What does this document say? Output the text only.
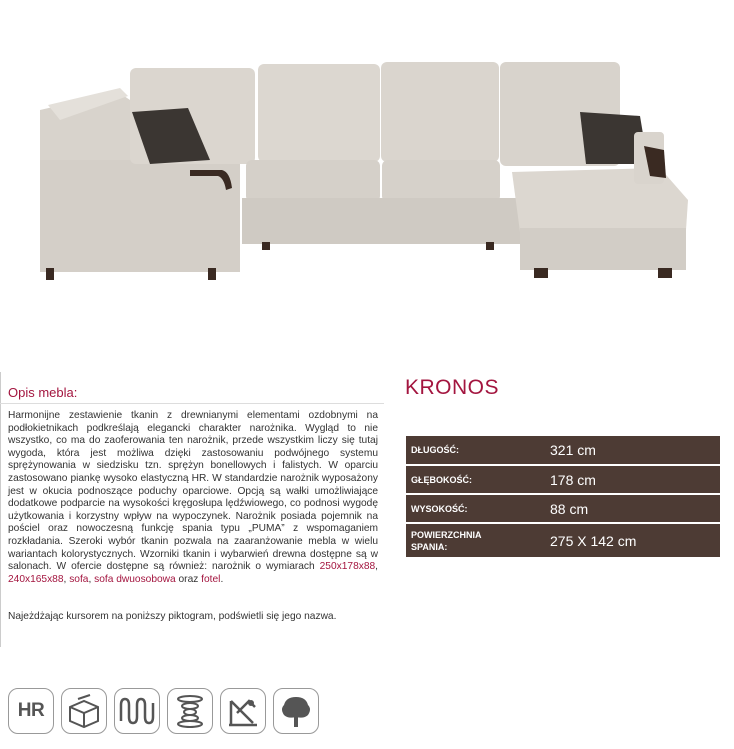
Opis mebla:
Harmonijne zestawienie tkanin z drewnianymi elementami ozdobnymi na podłokietnikach podkreślają elegancki charakter narożnika. Wygląd to nie wszystko, co ma do zaoferowania ten narożnik, przede wszystkim liczy się tutaj wygoda, która jest możliwa dzięki zastosowaniu podwójnego systemu sprężynowania w siedzisku tzn. sprężyn bonellowych i falistych. W oparciu zastosowano piankę wysoko elastyczną HR. W standardzie narożnik wyposażony jest w okucia podnoszące poduchy oparciowe. Opcją są wałki umożliwiające dodatkowe podparcie na wysokości kręgosłupa lędźwiowego, co podnosi wygodę użytkowania i korzystny wpływ na wypoczynek. Narożnik posiada pojemnik na pościel oraz nowoczesną funkcję spania typu „PUMA” z wspomaganiem rozkładania. Szeroki wybór tkanin pozwala na zaaranżowanie mebla w wielu wariantach kolorystycznych. Wzorniki tkanin i wybarwień drewna dostępne są w salonach. W ofercie dostępne są również: narożnik o wymiarach 250x178x88, 240x165x88, sofa, sofa dwuosobowa oraz fotel.
Najeżdżając kursorem na poniższy piktogram, podświetli się jego nazwa.
KRONOS
DŁUGOŚĆ:	321 cm
GŁĘBOKOŚĆ:	178 cm
WYSOKOŚĆ:	88 cm
POWIERZCHNIA
SPANIA:	275 X 142 cm
HR
